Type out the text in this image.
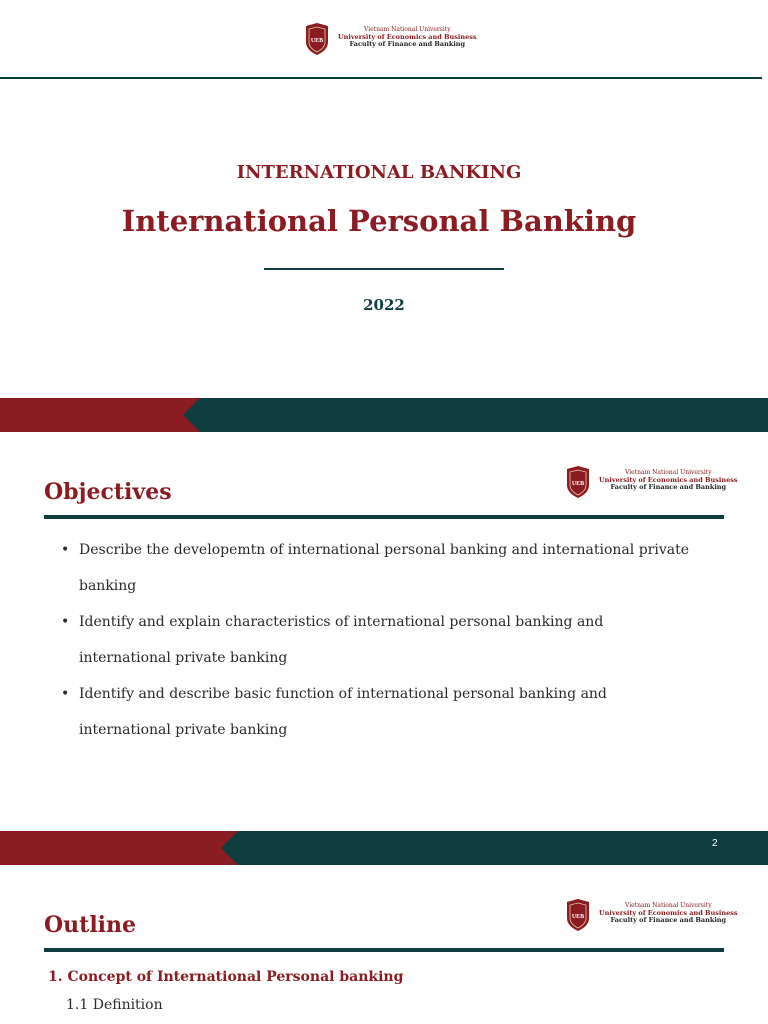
UEB
Vietnam National University
University of Economics and Business
Faculty of Finance and Banking
INTERNATIONAL BANKING
International Personal Banking
2022
Objectives	UEB
Vietnam National University
University of Economics and Business
Faculty of Finance and Banking
• Describe the developemtn of international personal banking and international private banking
• Identify and explain characteristics of international personal banking and international private banking
• Identify and describe basic function of international personal banking and international private banking
2
Outline	UEB
Vietnam National University
University of Economics and Business
Faculty of Finance and Banking
1. Concept of International Personal banking
1.1 Definition
